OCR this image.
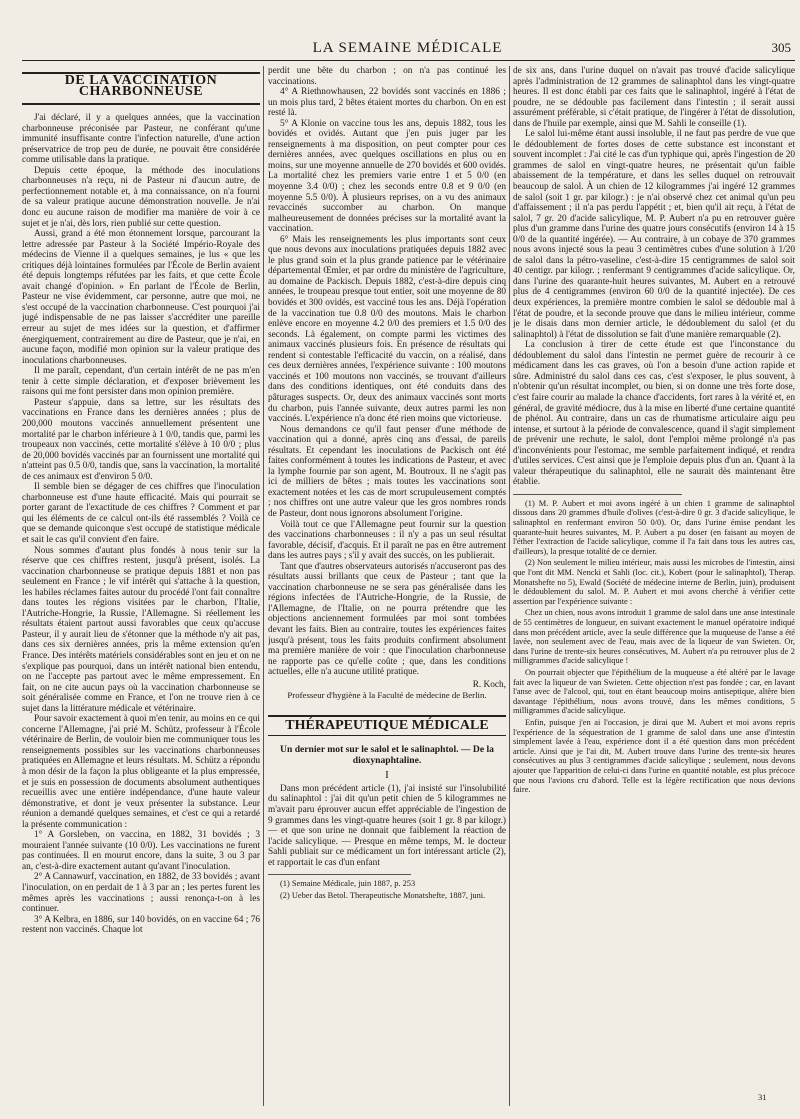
LA SEMAINE MÉDICALE	305
DE LA VACCINATION CHARBONNEUSE

J'ai déclaré, il y a quelques années, que la vaccination charbonneuse préconisée par Pasteur, ne conférant qu'une immunité insuffisante contre l'infection naturelle, d'une action préservatrice de trop peu de durée, ne pouvait être considérée comme utilisable dans la pratique.

Depuis cette époque, la méthode des inoculations charbonneuses n'a reçu, ni de Pasteur ni d'aucun autre, de perfectionnement notable et, à ma connaissance, on n'a fourni de sa valeur pratique aucune démonstration nouvelle. Je n'ai donc eu aucune raison de modifier ma manière de voir à ce sujet et je n'ai, dès lors, rien publié sur cette question.

Aussi, grand a été mon étonnement lorsque, parcourant la lettre adressée par Pasteur à la Société Império-Royale des médecins de Vienne il a quelques semaines, je lus « que les critiques déjà lointaines formulées par l'École de Berlin avaient été depuis longtemps réfutées par les faits, et que cette École avait changé d'opinion. » En parlant de l'École de Berlin, Pasteur ne vise évidemment, car personne, autre que moi, ne s'est occupé de la vaccination charbonneuse. C'est pourquoi j'ai jugé indispensable de ne pas laisser s'accréditer une pareille erreur au sujet de mes idées sur la question, et d'affirmer énergiquement, contrairement au dire de Pasteur, que je n'ai, en aucune façon, modifié mon opinion sur la valeur pratique des inoculations charbonneuses.

Il me paraît, cependant, d'un certain intérêt de ne pas m'en tenir à cette simple déclaration, et d'exposer brièvement les raisons qui me font persister dans mon opinion première.

Pasteur s'appuie, dans sa lettre, sur les résultats des vaccinations en France dans les dernières années ; plus de 200,000 moutons vaccinés annuellement présentent une mortalité par le charbon inférieure à 1 0/0, tandis que, parmi les troupeaux non vaccinés, cette mortalité s'élève à 10 0/0 ; plus de 20,000 bovidés vaccinés par an fournissent une mortalité qui n'atteint pas 0.5 0/0, tandis que, sans la vaccination, la mortalité de ces animaux est d'environ 5 0/0.

Il semble bien se dégager de ces chiffres que l'inoculation charbonneuse est d'une haute efficacité. Mais qui pourrait se porter garant de l'exactitude de ces chiffres ? Comment et par qui les éléments de ce calcul ont-ils été rassemblés ? Voilà ce que se demande quiconque s'est occupé de statistique médicale et sait le cas qu'il convient d'en faire.

Nous sommes d'autant plus fondés à nous tenir sur la réserve que ces chiffres restent, jusqu'à présent, isolés. La vaccination charbonneuse se pratique depuis 1881 et non pas seulement en France ; le vif intérêt qui s'attache à la question, les habiles réclames faites autour du procédé l'ont fait connaître dans toutes les régions visitées par le charbon, l'Italie, l'Autriche-Hongrie, la Russie, l'Allemagne. Si réellement les résultats étaient partout aussi favorables que ceux qu'accuse Pasteur, il y aurait lieu de s'étonner que la méthode n'y ait pas, dans ces six dernières années, pris la même extension qu'en France. Des intérêts matériels considérables sont en jeu et on ne s'explique pas pourquoi, dans un intérêt national bien entendu, on ne l'accepte pas partout avec le même empressement. En fait, on ne cite aucun pays où la vaccination charbonneuse se soit généralisée comme en France, et l'on ne trouve rien à ce sujet dans la littérature médicale et vétérinaire.

Pour savoir exactement à quoi m'en tenir, au moins en ce qui concerne l'Allemagne, j'ai prié M. Schütz, professeur à l'École vétérinaire de Berlin, de vouloir bien me communiquer tous les renseignements possibles sur les vaccinations charbonneuses pratiquées en Allemagne et leurs résultats. M. Schütz a répondu à mon désir de la façon la plus obligeante et la plus empressée, et je suis en possession de documents absolument authentiques recueillis avec une entière indépendance, d'une haute valeur démonstrative, et dont je veux présenter la substance. Leur réunion a demandé quelques semaines, et c'est ce qui a retardé la présente communication :

1° A Gorsleben, on vaccina, en 1882, 31 bovidés ; 3 mouraient l'année suivante (10 0/0). Les vaccinations ne furent pas continuées. Il en mourut encore, dans la suite, 3 ou 3 par an, c'est-à-dire exactement autant qu'avant l'inoculation.

2° A Cannawurf, vaccination, en 1882, de 33 bovidés ; avant l'inoculation, on en perdait de 1 à 3 par an ; les pertes furent les mêmes après les vaccinations ; aussi renonça-t-on à les continuer.

3° A Kelbra, en 1886, sur 140 bovidés, on en vaccine 64 ; 76 restent non vaccinés. Chaque lot

perdit une bête du charbon ; on n'a pas continué les vaccinations.

4° A Riethnowhausen, 22 bovidés sont vaccinés en 1886 ; un mois plus tard, 2 bêtes étaient mortes du charbon. On en est resté là.

5° A Klonie on vaccine tous les ans, depuis 1882, tous les bovidés et ovidés. Autant que j'en puis juger par les renseignements à ma disposition, on peut compter pour ces dernières années, avec quelques oscillations en plus ou en moins, sur une moyenne annuelle de 270 bovidés et 600 ovidés. La mortalité chez les premiers varie entre 1 et 5 0/0 (en moyenne 3.4 0/0) ; chez les seconds entre 0.8 et 9 0/0 (en moyenne 5.5 0/0). À plusieurs reprises, on a vu des animaux revaccinés succomber au charbon. On manque malheureusement de données précises sur la mortalité avant la vaccination.

6° Mais les renseignements les plus importants sont ceux que nous devons aux inoculations pratiquées depuis 1882 avec le plus grand soin et la plus grande patience par le vétérinaire départemental Œmler, et par ordre du ministère de l'agriculture, au domaine de Packisch. Depuis 1882, c'est-à-dire depuis cinq années, le troupeau presque tout entier, soit une moyenne de 80 bovidés et 300 ovidés, est vacciné tous les ans. Déjà l'opération de la vaccination tue 0.8 0/0 des moutons. Mais le charbon enlève encore en moyenne 4.2 0/0 des premiers et 1.5 0/0 des seconds. Là également, on compte parmi les victimes des animaux vaccinés plusieurs fois. En présence de résultats qui rendent si contestable l'efficacité du vaccin, on a réalisé, dans ces deux dernières années, l'expérience suivante : 100 moutons vaccinés et 100 moutons non vaccinés, se trouvant d'ailleurs dans des conditions identiques, ont été conduits dans des pâturages suspects. Or, deux des animaux vaccinés sont morts du charbon, puis l'année suivante, deux autres parmi les non vaccinés. L'expérience n'a donc été rien moins que victorieuse.

Nous demandons ce qu'il faut penser d'une méthode de vaccination qui a donné, après cinq ans d'essai, de pareils résultats. Et cependant les inoculations de Packisch ont été faites conformément à toutes les indications de Pasteur, et avec la lymphe fournie par son agent, M. Boutroux. Il ne s'agit pas ici de milliers de bêtes ; mais toutes les vaccinations sont exactement notées et les cas de mort scrupuleusement comptés ; nos chiffres ont une autre valeur que les gros nombres ronds de Pasteur, dont nous ignorons absolument l'origine.

Voilà tout ce que l'Allemagne peut fournir sur la question des vaccinations charbonneuses : il n'y a pas un seul résultat favorable, décisif, d'acquis. Et il paraît ne pas en être autrement dans les autres pays ; s'il y avait des succès, on les publierait.

Tant que d'autres observateurs autorisés n'accuseront pas des résultats aussi brillants que ceux de Pasteur ; tant que la vaccination charbonneuse ne se sera pas généralisée dans les régions infectées de l'Autriche-Hongrie, de la Russie, de l'Allemagne, de l'Italie, on ne pourra prétendre que les objections anciennement formulées par moi sont tombées devant les faits. Bien au contraire, toutes les expériences faites jusqu'à présent, tous les faits produits confirment absolument ma première manière de voir : que l'inoculation charbonneuse ne rapporte pas ce qu'elle coûte ; que, dans les conditions actuelles, elle n'a aucune utilité pratique.

R. Koch,

Professeur d'hygiène à la Faculté de médecine de Berlin.

THÉRAPEUTIQUE MÉDICALE

Un dernier mot sur le salol et le salinaphtol. — De la dioxynaphtaline.

I

Dans mon précédent article (1), j'ai insisté sur l'insolubilité du salinaphtol : j'ai dit qu'un petit chien de 5 kilogrammes ne m'avait paru éprouver aucun effet appréciable de l'ingestion de 9 grammes dans les vingt-quatre heures (soit 1 gr. 8 par kilogr.) — et que son urine ne donnait que faiblement la réaction de l'acide salicylique. — Presque en même temps, M. le docteur Sahli publiait sur ce médicament un fort intéressant article (2), et rapportait le cas d'un enfant

(1) Semaine Médicale, juin 1887, p. 253

(2) Ueber das Betol. Therapeutische Monatshefte, 1887, juni.

de six ans, dans l'urine duquel on n'avait pas trouvé d'acide salicylique après l'administration de 12 grammes de salinaphtol dans les vingt-quatre heures. Il est donc établi par ces faits que le salinaphtol, ingéré à l'état de poudre, ne se dédouble pas facilement dans l'intestin ; il serait aussi assurément préférable, si c'était pratique, de l'ingérer à l'état de dissolution, dans de l'huile par exemple, ainsi que M. Sahli le conseille (1).

Le salol lui-même étant aussi insoluble, il ne faut pas perdre de vue que le dédoublement de fortes doses de cette substance est inconstant et souvent incomplet : J'ai cité le cas d'un typhique qui, après l'ingestion de 20 grammes de salol en vingt-quatre heures, ne présentait qu'un faible abaissement de la température, et dans les selles duquel on retrouvait beaucoup de salol. À un chien de 12 kilogrammes j'ai ingéré 12 grammes de salol (soit 1 gr. par kilogr.) : je n'ai observé chez cet animal qu'un peu d'affaissement ; il n'a pas perdu l'appétit ; et, bien qu'il ait reçu, à l'état de salol, 7 gr. 20 d'acide salicylique, M. P. Aubert n'a pu en retrouver guère plus d'un gramme dans l'urine des quatre jours consécutifs (environ 14 à 15 0/0 de la quantité ingérée). — Au contraire, à un cobaye de 370 grammes nous avons injecté sous la peau 3 centimètres cubes d'une solution à 1/20 de salol dans la pétro-vaseline, c'est-à-dire 15 centigrammes de salol soit 40 centigr. par kilogr. ; renfermant 9 centigrammes d'acide salicylique. Or, dans l'urine des quarante-huit heures suivantes, M. Aubert en a retrouvé plus de 4 centigrammes (environ 60 0/0 de la quantité injectée). De ces deux expériences, la première montre combien le salol se dédouble mal à l'état de poudre, et la seconde prouve que dans le milieu intérieur, comme je le disais dans mon dernier article, le dédoublement du salol (et du salinaphtol) à l'état de dissolution se fait d'une manière remarquable (2).

La conclusion à tirer de cette étude est que l'inconstance du dédoublement du salol dans l'intestin ne permet guère de recourir à ce médicament dans les cas graves, où l'on a besoin d'une action rapide et sûre. Administré du salol dans ces cas, c'est s'exposer, le plus souvent, à n'obtenir qu'un résultat incomplet, ou bien, si on donne une très forte dose, c'est faire courir au malade la chance d'accidents, fort rares à la vérité et, en général, de gravité médiocre, dus à la mise en liberté d'une certaine quantité de phénol. Au contraire, dans un cas de rhumatisme articulaire aigu peu intense, et surtout à la période de convalescence, quand il s'agit simplement de prévenir une rechute, le salol, dont l'emploi même prolongé n'a pas d'inconvénients pour l'estomac, me semble parfaitement indiqué, et rendra d'utiles services. C'est ainsi que je l'emploie depuis plus d'un an. Quant à la valeur thérapeutique du salinaphtol, elle ne saurait dès maintenant être établie.

(1) M. P. Aubert et moi avons ingéré à un chien 1 gramme de salinaphtol dissous dans 20 grammes d'huile d'olives (c'est-à-dire 0 gr. 3 d'acide salicylique, le salinaphtol en renfermant environ 50 0/0). Or, dans l'urine émise pendant les quarante-huit heures suivantes, M. P. Aubert a pu doser (en faisant au moyen de l'éther l'extraction de l'acide salicylique, comme il l'a fait dans tous les autres cas, d'ailleurs), la presque totalité de ce dernier.

(2) Non seulement le milieu intérieur, mais aussi les microbes de l'intestin, ainsi que l'ont dit MM. Nencki et Sahli (loc. cit.), Kobert (pour le salinaphtol), Therap. Monatshefte no 5), Ewald (Société de médecine interne de Berlin, juin), produisent le dédoublement du salol. M. P. Aubert et moi avons cherché à vérifier cette assertion par l'expérience suivante :

Chez un chien, nous avons introduit 1 gramme de salol dans une anse intestinale de 55 centimètres de longueur, en suivant exactement le manuel opératoire indiqué dans mon précédent article, avec la seule différence que la muqueuse de l'anse a été lavée, non seulement avec de l'eau, mais avec de la liqueur de van Swieten. Or, dans l'urine de trente-six heures consécutives, M. Aubert n'a pu retrouver plus de 2 milligrammes d'acide salicylique !

On pourrait objecter que l'épithélium de la muqueuse a été altéré par le lavage fait avec la liqueur de van Swieten. Cette objection n'est pas fondée ; car, en lavant l'anse avec de l'alcool, qui, tout en étant beaucoup moins antiseptique, altère bien davantage l'épithélium, nous avons trouvé, dans les mêmes conditions, 5 milligrammes d'acide salicylique.

Enfin, puisque j'en ai l'occasion, je dirai que M. Aubert et moi avons repris l'expérience de la séquestration de 1 gramme de salol dans une anse d'intestin simplement lavée à l'eau, expérience dont il a été question dans mon précédent article. Ainsi que je l'ai dit, M. Aubert trouve dans l'urine des trente-six heures consécutives au plus 3 centigrammes d'acide salicylique ; seulement, nous devons ajouter que l'apparition de celui-ci dans l'urine en quantité notable, est plus précoce que nous l'avions cru d'abord. Telle est la légère rectification que nous devions faire.

31
